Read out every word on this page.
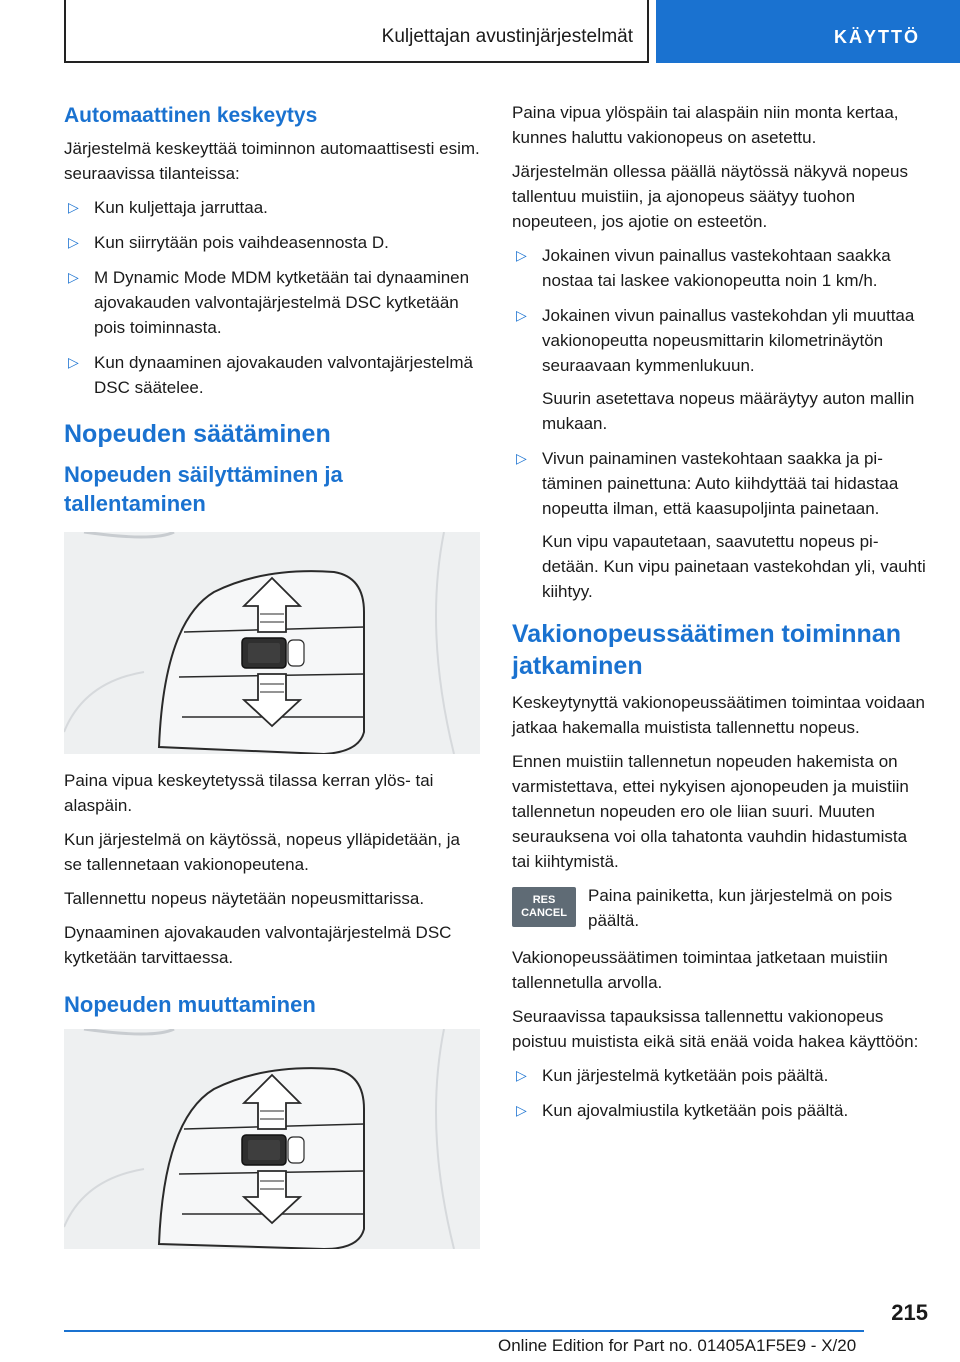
Kuljettajan avustinjärjestelmät	KÄYTTÖ
Automaattinen keskeytys

Järjestelmä keskeyttää toiminnon automaattisesti esim. seuraavissa tilanteissa:

▷ Kun kuljettaja jarruttaa.
▷ Kun siirrytään pois vaihdeasennosta D.
▷ M Dynamic Mode MDM kytketään tai dynaaminen ajovakauden valvontajärjestelmä DSC kytketään pois toiminnasta.
▷ Kun dynaaminen ajovakauden valvontajärjestelmä DSC säätelee.
Nopeuden säätäminen
Nopeuden säilyttäminen ja tallentaminen

Paina vipua keskeytetyssä tilassa kerran ylös- tai alaspäin.

Kun järjestelmä on käytössä, nopeus ylläpidetään, ja se tallennetaan vakionopeutena.

Tallennettu nopeus näytetään nopeusmittarissa.

Dynaaminen ajovakauden valvontajärjestelmä DSC kytketään tarvittaessa.

Nopeuden muuttaminen

Paina vipua ylöspäin tai alaspäin niin monta kertaa, kunnes haluttu vakionopeus on asetettu.

Järjestelmän ollessa päällä näytössä näkyvä nopeus tallentuu muistiin, ja ajonopeus säätyy tuohon nopeuteen, jos ajotie on esteetön.

▷ Jokainen vivun painallus vastekohtaan saakka nostaa tai laskee vakionopeutta noin 1 km/h.
▷ Jokainen vivun painallus vastekohdan yli muuttaa vakionopeutta nopeusmittarin kilometrinäytön seuraavaan kymmenlukuun.

Suurin asetettava nopeus määräytyy auton mallin mukaan.

▷ Vivun painaminen vastekohtaan saakka ja pitäminen painettuna: Auto kiihdyttää tai hidastaa nopeutta ilman, että kaasupoljinta painetaan.

Kun vipu vapautetaan, saavutettu nopeus pidetään. Kun vipu painetaan vastekohdan yli, vauhti kiihtyy.

Vakionopeussäätimen toiminnan jatkaminen

Keskeytynyttä vakionopeussäätimen toimintaa voidaan jatkaa hakemalla muistista tallennettu nopeus.

Ennen muistiin tallennetun nopeuden hakemista on varmistettava, ettei nykyisen ajonopeuden ja muistiin tallennetun nopeuden ero ole liian suuri. Muuten seurauksena voi olla tahatonta vauhdin hidastumista tai kiihtymistä.

RES
CANCEL
Paina painiketta, kun järjestelmä on pois päältä.

Vakionopeussäätimen toimintaa jatketaan muistiin tallennetulla arvolla.

Seuraavissa tapauksissa tallennettu vakionopeus poistuu muistista eikä sitä enää voida hakea käyttöön:

▷ Kun järjestelmä kytketään pois päältä.
▷ Kun ajovalmiustila kytketään pois päältä.
215
Online Edition for Part no. 01405A1F5E9 - X/20
